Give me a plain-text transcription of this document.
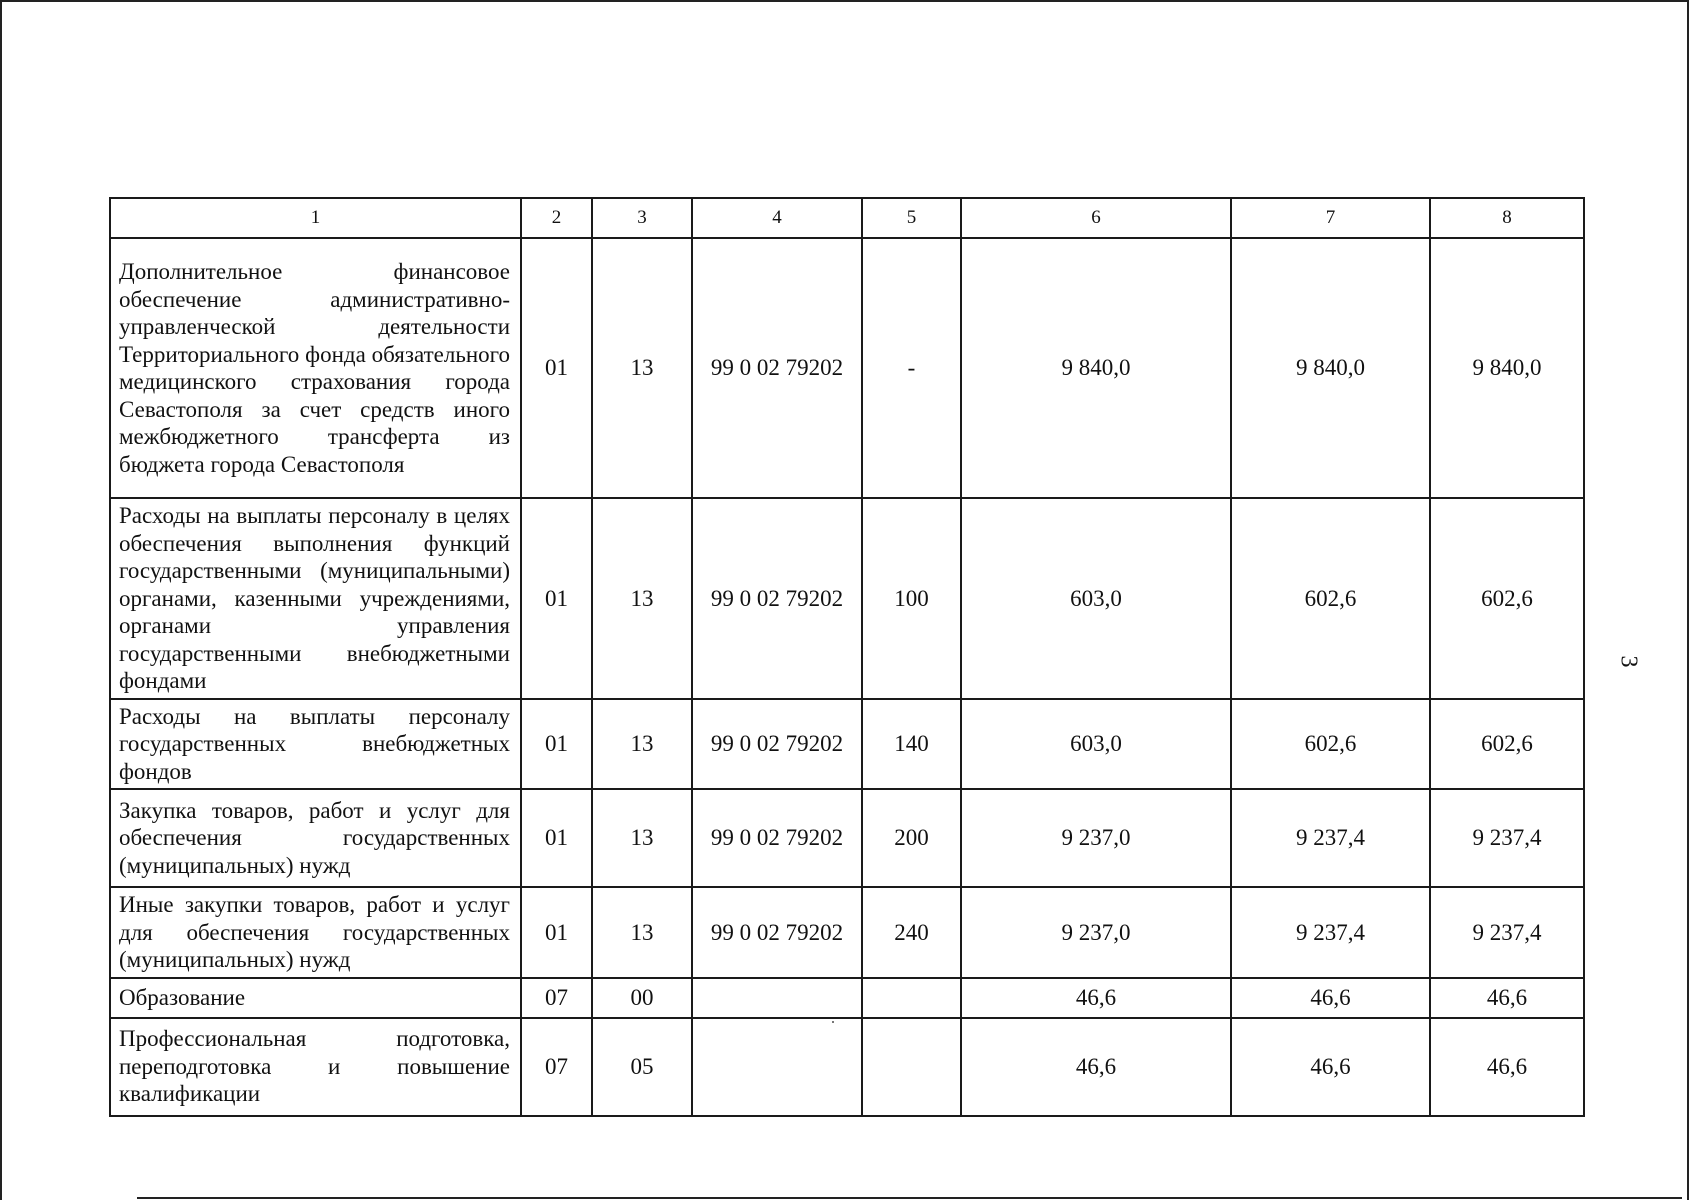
1	2	3	4	5	6	7	8
Дополнительное финансовое обеспечение административно-управленческой деятельности Территориального фонда обязательного медицинского страхования города Севастополя за счет средств иного межбюджетного трансферта из бюджета города Севастополя	01	13	99 0 02 79202	-	9 840,0	9 840,0	9 840,0
Расходы на выплаты персоналу в целях обеспечения выполнения функций государственными (муниципальными) органами, казенными учреждениями, органами управления государственными внебюджетными фондами	01	13	99 0 02 79202	100	603,0	602,6	602,6
Расходы на выплаты персоналу государственных внебюджетных фондов	01	13	99 0 02 79202	140	603,0	602,6	602,6
Закупка товаров, работ и услуг для обеспечения государственных (муниципальных) нужд	01	13	99 0 02 79202	200	9 237,0	9 237,4	9 237,4
Иные закупки товаров, работ и услуг для обеспечения государственных (муниципальных) нужд	01	13	99 0 02 79202	240	9 237,0	9 237,4	9 237,4
Образование	07	00			46,6	46,6	46,6
Профессиональная подготовка, переподготовка и повышение квалификации	07	05			46,6	46,6	46,6
3
